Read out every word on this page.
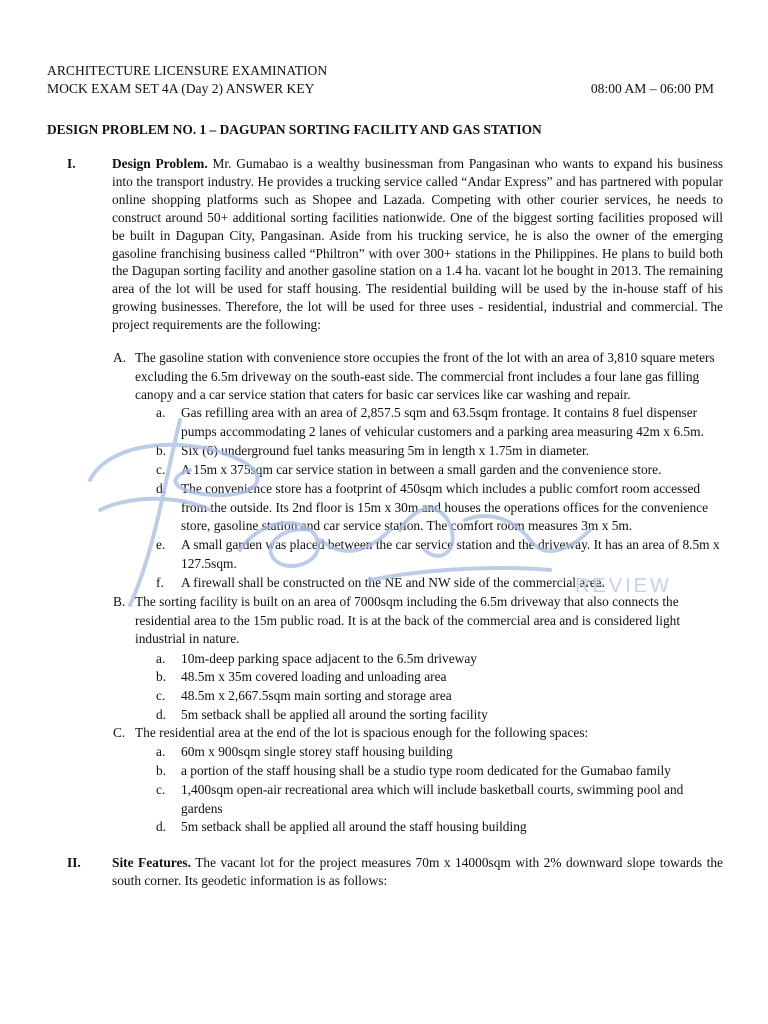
ARCHITECTURE LICENSURE EXAMINATION
MOCK EXAM SET 4A (Day 2) ANSWER KEY	08:00 AM – 06:00 PM
DESIGN PROBLEM NO. 1 – DAGUPAN SORTING FACILITY AND GAS STATION
I.	Design Problem. Mr. Gumabao is a wealthy businessman from Pangasinan who wants to expand his business into the transport industry. He provides a trucking service called “Andar Express” and has partnered with popular online shopping platforms such as Shopee and Lazada. Competing with other courier services, he needs to construct around 50+ additional sorting facilities nationwide. One of the biggest sorting facilities proposed will be built in Dagupan City, Pangasinan. Aside from his trucking service, he is also the owner of the emerging gasoline franchising business called “Philtron” with over 300+ stations in the Philippines. He plans to build both the Dagupan sorting facility and another gasoline station on a 1.4 ha. vacant lot he bought in 2013. The remaining area of the lot will be used for staff housing. The residential building will be used by the in-house staff of his growing businesses. Therefore, the lot will be used for three uses - residential, industrial and commercial. The project requirements are the following:
A. The gasoline station with convenience store occupies the front of the lot with an area of 3,810 square meters excluding the 6.5m driveway on the south-east side. The commercial front includes a four lane gas filling canopy and a car service station that caters for basic car services like car washing and repair.
a. Gas refilling area with an area of 2,857.5 sqm and 63.5sqm frontage. It contains 8 fuel dispenser pumps accommodating 2 lanes of vehicular customers and a parking area measuring 42m x 6.5m.
b. Six (6) underground fuel tanks measuring 5m in length x 1.75m in diameter.
c. A 15m x 375sqm car service station in between a small garden and the convenience store.
d. The convenience store has a footprint of 450sqm which includes a public comfort room accessed from the outside. Its 2nd floor is 15m x 30m and houses the operations offices for the convenience store, gasoline station and car service station. The comfort room measures 3m x 5m.
e. A small garden was placed between the car service station and the driveway. It has an area of 8.5m x 127.5sqm.
f. A firewall shall be constructed on the NE and NW side of the commercial area.
B. The sorting facility is built on an area of 7000sqm including the 6.5m driveway that also connects the residential area to the 15m public road. It is at the back of the commercial area and is considered light industrial in nature.
a. 10m-deep parking space adjacent to the 6.5m driveway
b. 48.5m x 35m covered loading and unloading area
c. 48.5m x 2,667.5sqm main sorting and storage area
d. 5m setback shall be applied all around the sorting facility
C. The residential area at the end of the lot is spacious enough for the following spaces:
a. 60m x 900sqm single storey staff housing building
b. a portion of the staff housing shall be a studio type room dedicated for the Gumabao family
c. 1,400sqm open-air recreational area which will include basketball courts, swimming pool and gardens
d. 5m setback shall be applied all around the staff housing building
II. Site Features. The vacant lot for the project measures 70m x 14000sqm with 2% downward slope towards the south corner. Its geodetic information is as follows:
REVIEW
